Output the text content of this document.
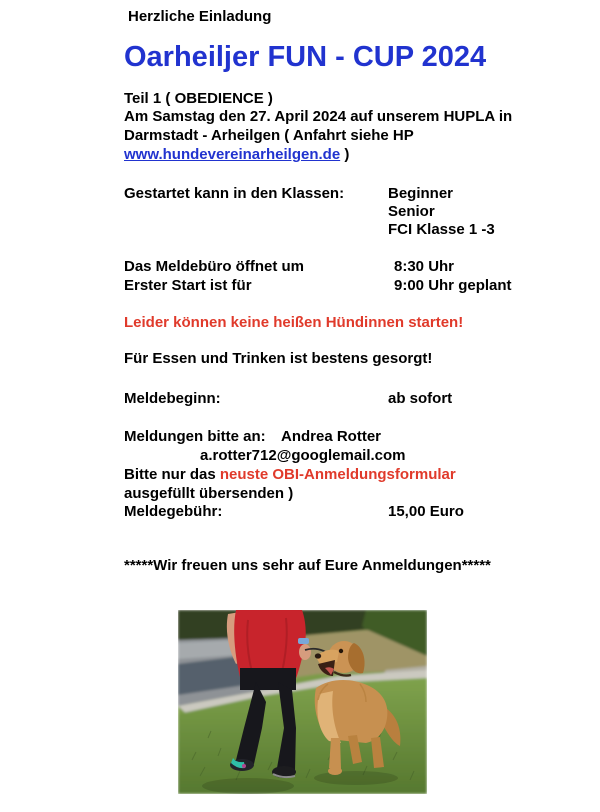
Herzliche Einladung
Oarheiljer FUN - CUP 2024
Teil 1 ( OBEDIENCE )
Am Samstag den 27. April 2024 auf unserem HUPLA in
Darmstadt - Arheilgen ( Anfahrt siehe HP
www.hundevereinarheilgen.de )
Gestartet kann in den Klassen:	Beginner
Senior
FCI Klasse 1 -3
Das Meldebüro öffnet um	8:30 Uhr
Erster Start ist für	9:00 Uhr geplant
Leider können keine heißen Hündinnen starten!
Für Essen und Trinken ist bestens gesorgt!
Meldebeginn:	ab sofort
Meldungen bitte an: Andrea Rotter
a.rotter712@googlemail.com
Bitte nur das neuste OBI-Anmeldungsformular
ausgefüllt übersenden )
Meldegebühr:	15,00 Euro
*****Wir freuen uns sehr auf Eure Anmeldungen*****
